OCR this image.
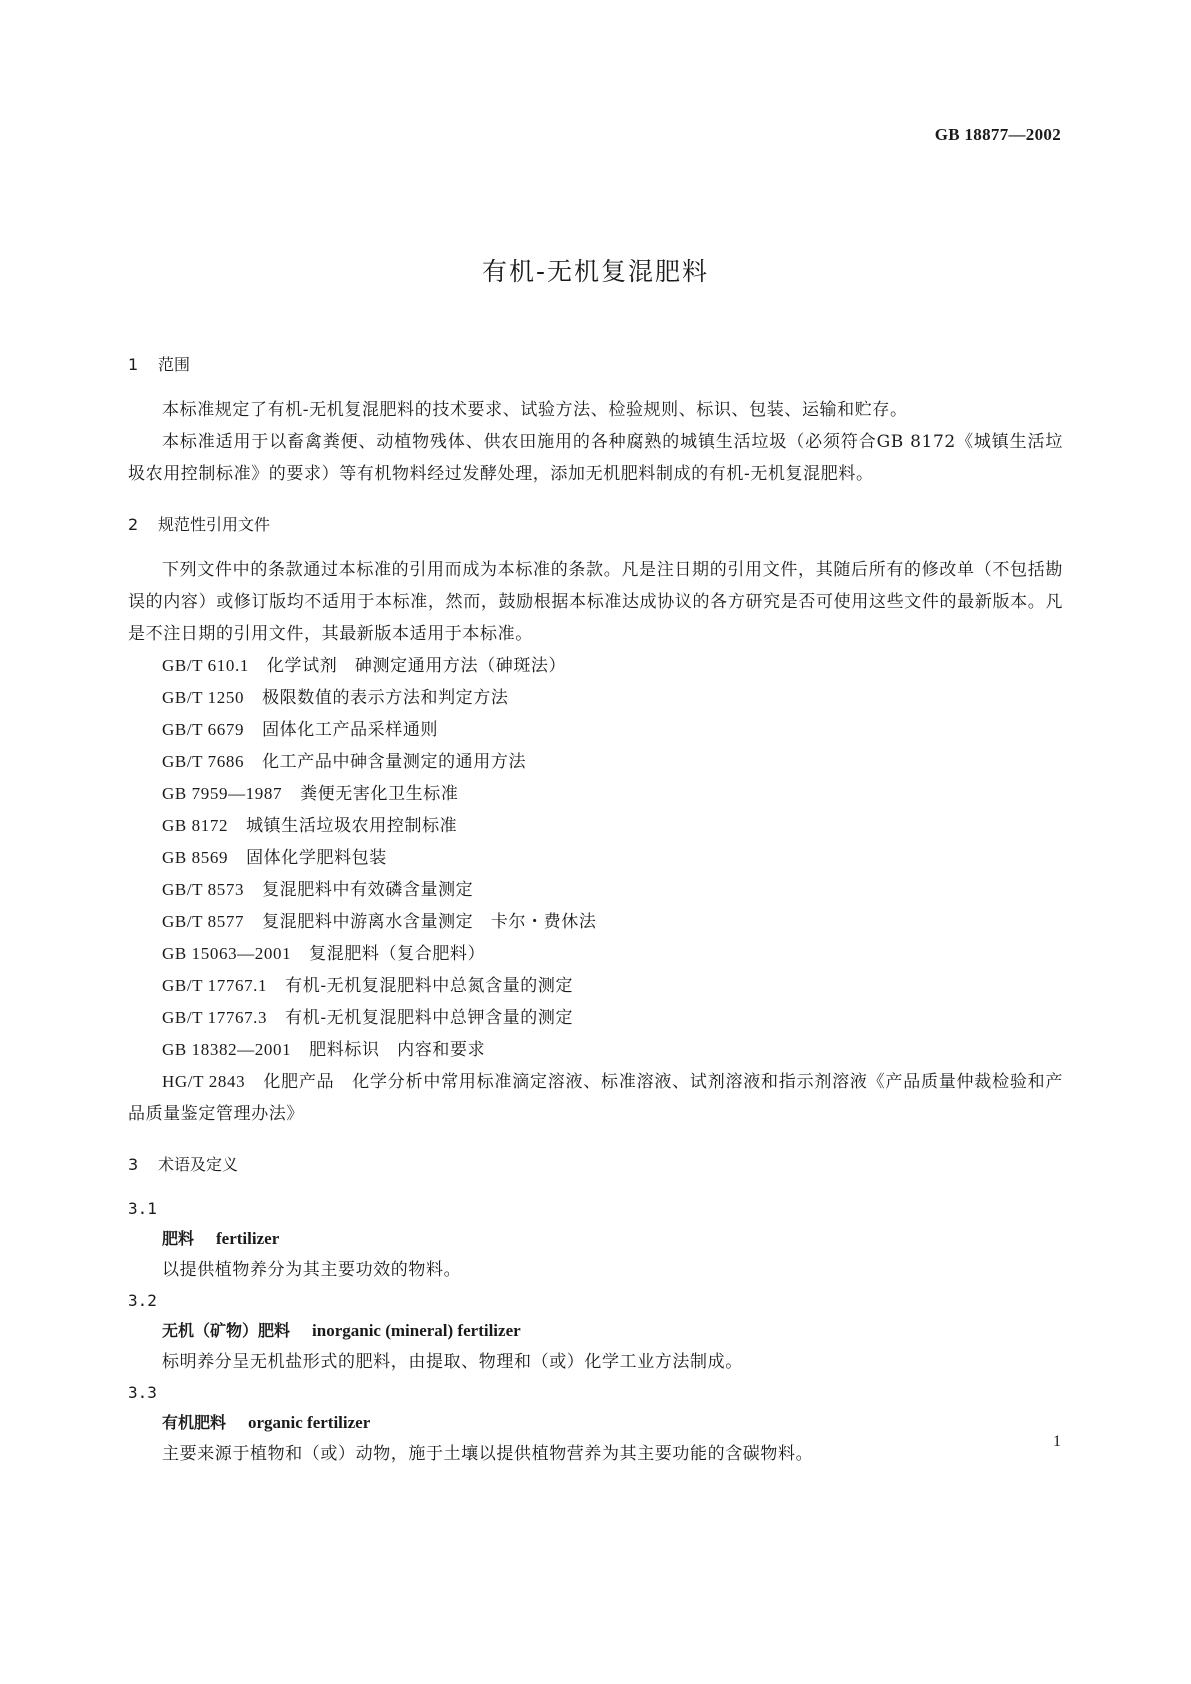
GB 18877—2002
有机-无机复混肥料
1 范围
本标准规定了有机-无机复混肥料的技术要求、试验方法、检验规则、标识、包装、运输和贮存。
本标准适用于以畜禽粪便、动植物残体、供农田施用的各种腐熟的城镇生活垃圾（必须符合GB 8172《城镇生活垃圾农用控制标准》的要求）等有机物料经过发酵处理，添加无机肥料制成的有机-无机复混肥料。
2 规范性引用文件
下列文件中的条款通过本标准的引用而成为本标准的条款。凡是注日期的引用文件，其随后所有的修改单（不包括勘误的内容）或修订版均不适用于本标准，然而，鼓励根据本标准达成协议的各方研究是否可使用这些文件的最新版本。凡是不注日期的引用文件，其最新版本适用于本标准。
GB/T 610.1 化学试剂　砷测定通用方法（砷斑法）
GB/T 1250 极限数值的表示方法和判定方法
GB/T 6679 固体化工产品采样通则
GB/T 7686 化工产品中砷含量测定的通用方法
GB 7959—1987 粪便无害化卫生标准
GB 8172 城镇生活垃圾农用控制标准
GB 8569 固体化学肥料包装
GB/T 8573 复混肥料中有效磷含量测定
GB/T 8577 复混肥料中游离水含量测定　卡尔・费休法
GB 15063—2001 复混肥料（复合肥料）
GB/T 17767.1 有机-无机复混肥料中总氮含量的测定
GB/T 17767.3 有机-无机复混肥料中总钾含量的测定
GB 18382—2001 肥料标识　内容和要求
HG/T 2843 化肥产品　化学分析中常用标准滴定溶液、标准溶液、试剂溶液和指示剂溶液《产品质量仲裁检验和产品质量鉴定管理办法》
3 术语及定义
3.1
肥料 fertilizer
以提供植物养分为其主要功效的物料。
3.2
无机（矿物）肥料 inorganic (mineral) fertilizer
标明养分呈无机盐形式的肥料，由提取、物理和（或）化学工业方法制成。
3.3
有机肥料 organic fertilizer
主要来源于植物和（或）动物，施于土壤以提供植物营养为其主要功能的含碳物料。
1
